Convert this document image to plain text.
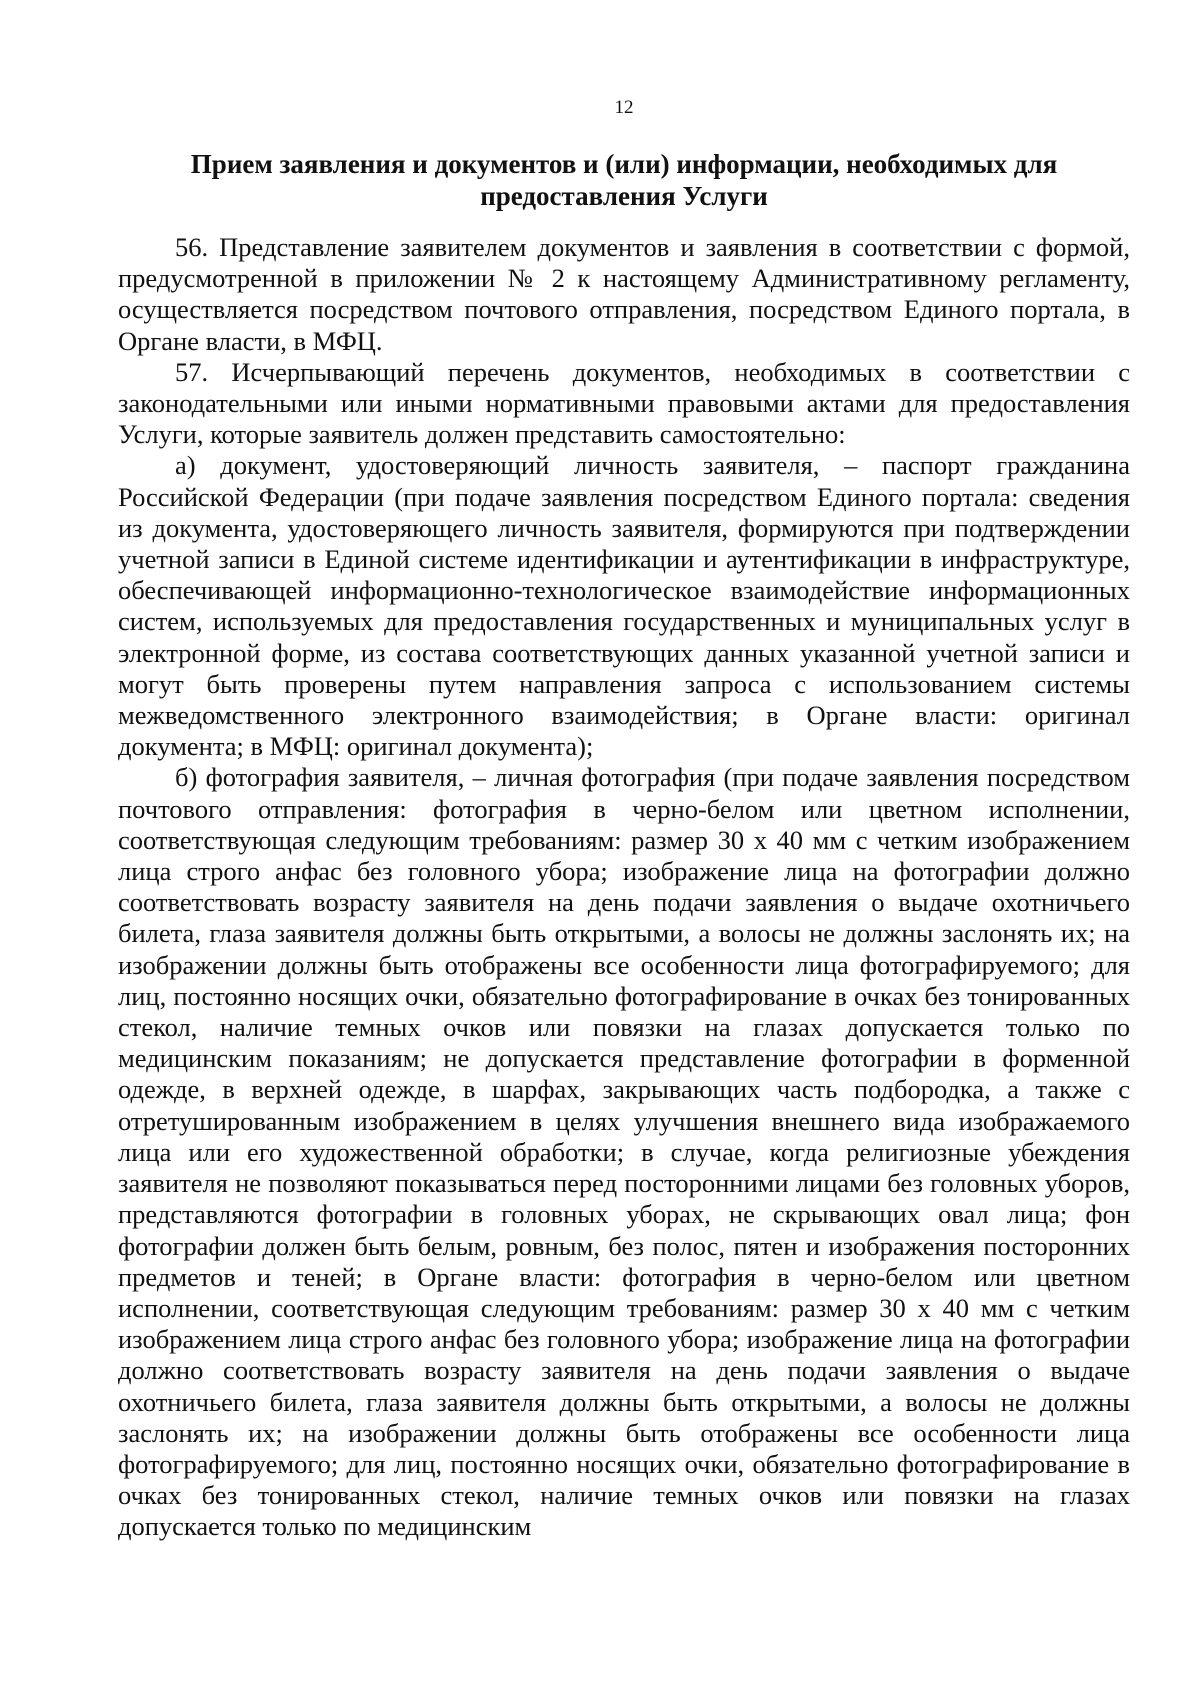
12
Прием заявления и документов и (или) информации, необходимых для
предоставления Услуги

56. Представление заявителем документов и заявления в соответствии с формой, предусмотренной в приложении № 2 к настоящему Административному регламенту, осуществляется посредством почтового отправления, посредством Единого портала, в Органе власти, в МФЦ.

57. Исчерпывающий перечень документов, необходимых в соответствии с законодательными или иными нормативными правовыми актами для предоставления Услуги, которые заявитель должен представить самостоятельно:

а) документ, удостоверяющий личность заявителя, – паспорт гражданина Российской Федерации (при подаче заявления посредством Единого портала: сведения из документа, удостоверяющего личность заявителя, формируются при подтверждении учетной записи в Единой системе идентификации и аутентификации в инфраструктуре, обеспечивающей информационно-технологическое взаимодействие информационных систем, используемых для предоставления государственных и муниципальных услуг в электронной форме, из состава соответствующих данных указанной учетной записи и могут быть проверены путем направления запроса с использованием системы межведомственного электронного взаимодействия; в Органе власти: оригинал документа; в МФЦ: оригинал документа);

б) фотография заявителя, – личная фотография (при подаче заявления посредством почтового отправления: фотография в черно-белом или цветном исполнении, соответствующая следующим требованиям: размер 30 х 40 мм с четким изображением лица строго анфас без головного убора; изображение лица на фотографии должно соответствовать возрасту заявителя на день подачи заявления о выдаче охотничьего билета, глаза заявителя должны быть открытыми, а волосы не должны заслонять их; на изображении должны быть отображены все особенности лица фотографируемого; для лиц, постоянно носящих очки, обязательно фотографирование в очках без тонированных стекол, наличие темных очков или повязки на глазах допускается только по медицинским показаниям; не допускается представление фотографии в форменной одежде, в верхней одежде, в шарфах, закрывающих часть подбородка, а также с отретушированным изображением в целях улучшения внешнего вида изображаемого лица или его художественной обработки; в случае, когда религиозные убеждения заявителя не позволяют показываться перед посторонними лицами без головных уборов, представляются фотографии в головных уборах, не скрывающих овал лица; фон фотографии должен быть белым, ровным, без полос, пятен и изображения посторонних предметов и теней; в Органе власти: фотография в черно-белом или цветном исполнении, соответствующая следующим требованиям: размер 30 х 40 мм с четким изображением лица строго анфас без головного убора; изображение лица на фотографии должно соответствовать возрасту заявителя на день подачи заявления о выдаче охотничьего билета, глаза заявителя должны быть открытыми, а волосы не должны заслонять их; на изображении должны быть отображены все особенности лица фотографируемого; для лиц, постоянно носящих очки, обязательно фотографирование в очках без тонированных стекол, наличие темных очков или повязки на глазах допускается только по медицинским
